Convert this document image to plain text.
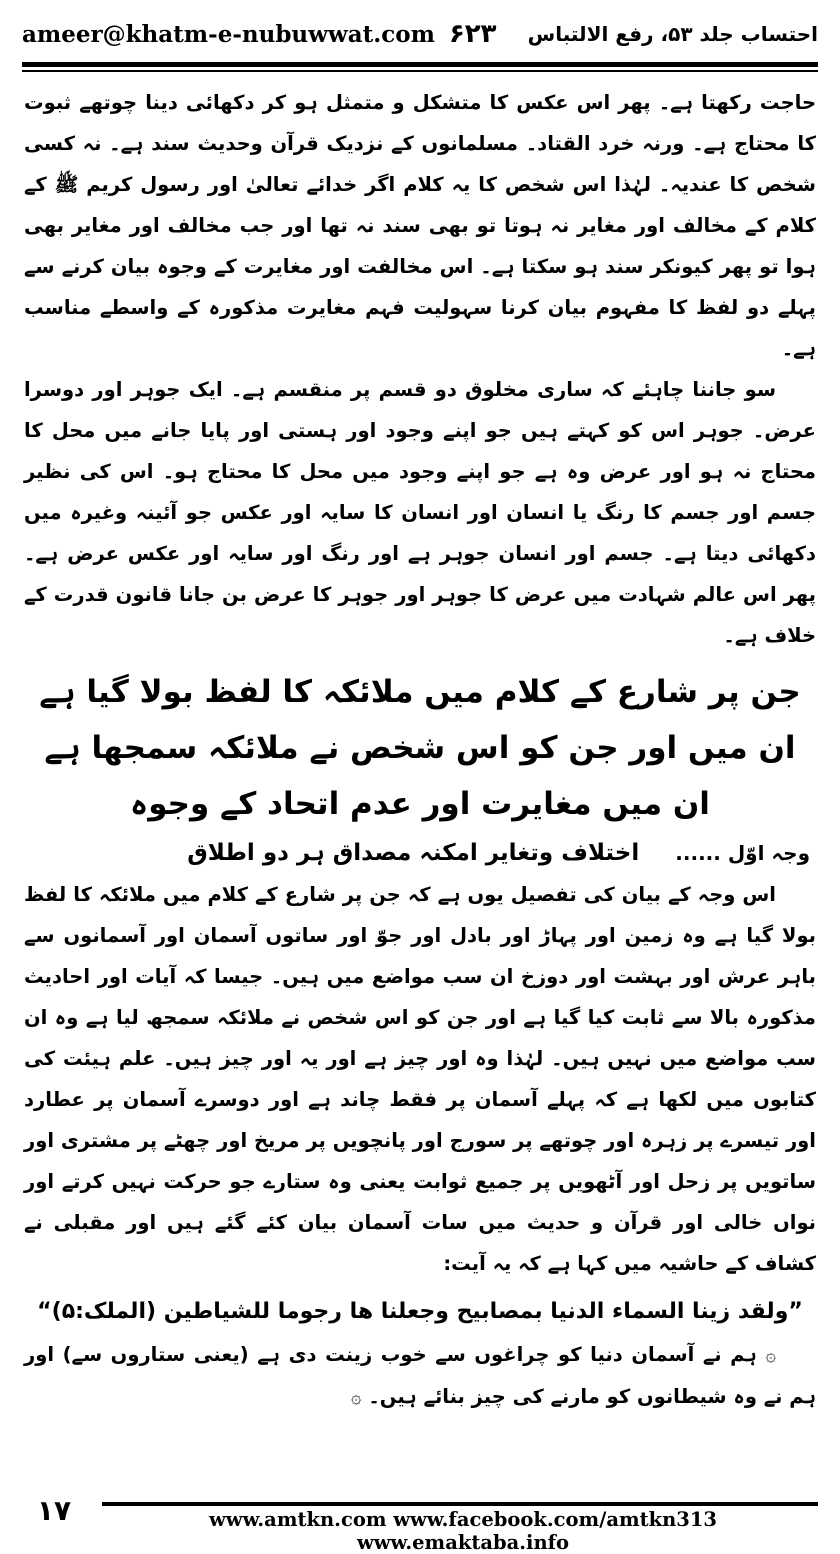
ameer@khatm-e-nubuwwat.com ۶۲۳ احتساب جلد ۵۳، رفع الالتباس

حاجت رکھتا ہے۔ پھر اس عکس کا متشکل و متمثل ہو کر دکھائی دینا چوتھے ثبوت کا محتاج ہے۔ ورنہ خرد القتاد۔ مسلمانوں کے نزدیک قرآن وحدیث سند ہے۔ نہ کسی شخص کا عندیہ۔ لہٰذا اس شخص کا یہ کلام اگر خدائے تعالیٰ اور رسول کریم ﷺ کے کلام کے مخالف اور مغایر نہ ہوتا تو بھی سند نہ تھا اور جب مخالف اور مغایر بھی ہوا تو پھر کیونکر سند ہو سکتا ہے۔ اس مخالفت اور مغایرت کے وجوہ بیان کرنے سے پہلے دو لفظ کا مفہوم بیان کرنا سہولیت فہم مغایرت مذکورہ کے واسطے مناسب ہے۔

سو جاننا چاہئے کہ ساری مخلوق دو قسم پر منقسم ہے۔ ایک جوہر اور دوسرا عرض۔ جوہر اس کو کہتے ہیں جو اپنے وجود اور ہستی اور پایا جانے میں محل کا محتاج نہ ہو اور عرض وہ ہے جو اپنے وجود میں محل کا محتاج ہو۔ اس کی نظیر جسم اور جسم کا رنگ یا انسان اور انسان کا سایہ اور عکس جو آئینہ وغیرہ میں دکھائی دیتا ہے۔ جسم اور انسان جوہر ہے اور رنگ اور سایہ اور عکس عرض ہے۔ پھر اس عالم شہادت میں عرض کا جوہر اور جوہر کا عرض بن جانا قانون قدرت کے خلاف ہے۔

جن پر شارع کے کلام میں ملائکہ کا لفظ بولا گیا ہے ان میں اور جن کو اس شخص نے ملائکہ سمجھا ہے ان میں مغایرت اور عدم اتحاد کے وجوہ

وجہ اوّل ...... اختلاف وتغایر امکنہ مصداق ہر دو اطلاق

اس وجہ کے بیان کی تفصیل یوں ہے کہ جن پر شارع کے کلام میں ملائکہ کا لفظ بولا گیا ہے وہ زمین اور پہاڑ اور بادل اور جوّ اور ساتوں آسمان اور آسمانوں سے باہر عرش اور بہشت اور دوزخ ان سب مواضع میں ہیں۔ جیسا کہ آیات اور احادیث مذکورہ بالا سے ثابت کیا گیا ہے اور جن کو اس شخص نے ملائکہ سمجھ لیا ہے وہ ان سب مواضع میں نہیں ہیں۔ لہٰذا وہ اور چیز ہے اور یہ اور چیز ہیں۔ علم ہیئت کی کتابوں میں لکھا ہے کہ پہلے آسمان پر فقط چاند ہے اور دوسرے آسمان پر عطارد اور تیسرے پر زہرہ اور چوتھے پر سورج اور پانچویں پر مریخ اور چھٹے پر مشتری اور ساتویں پر زحل اور آٹھویں پر جمیع ثوابت یعنی وہ ستارے جو حرکت نہیں کرتے اور نواں خالی اور قرآن و حدیث میں سات آسمان بیان کئے گئے ہیں اور مقبلی نے کشاف کے حاشیہ میں کہا ہے کہ یہ آیت:

”ولقد زینا السماء الدنیا بمصابیح وجعلنا ھا رجوما للشیاطین (الملک:۵)“

۞ ہم نے آسمان دنیا کو چراغوں سے خوب زینت دی ہے (یعنی ستاروں سے) اور ہم نے وہ شیطانوں کو مارنے کی چیز بنائے ہیں۔ ۞

۱۷	www.amtkn.com www.facebook.com/amtkn313 www.emaktaba.info
